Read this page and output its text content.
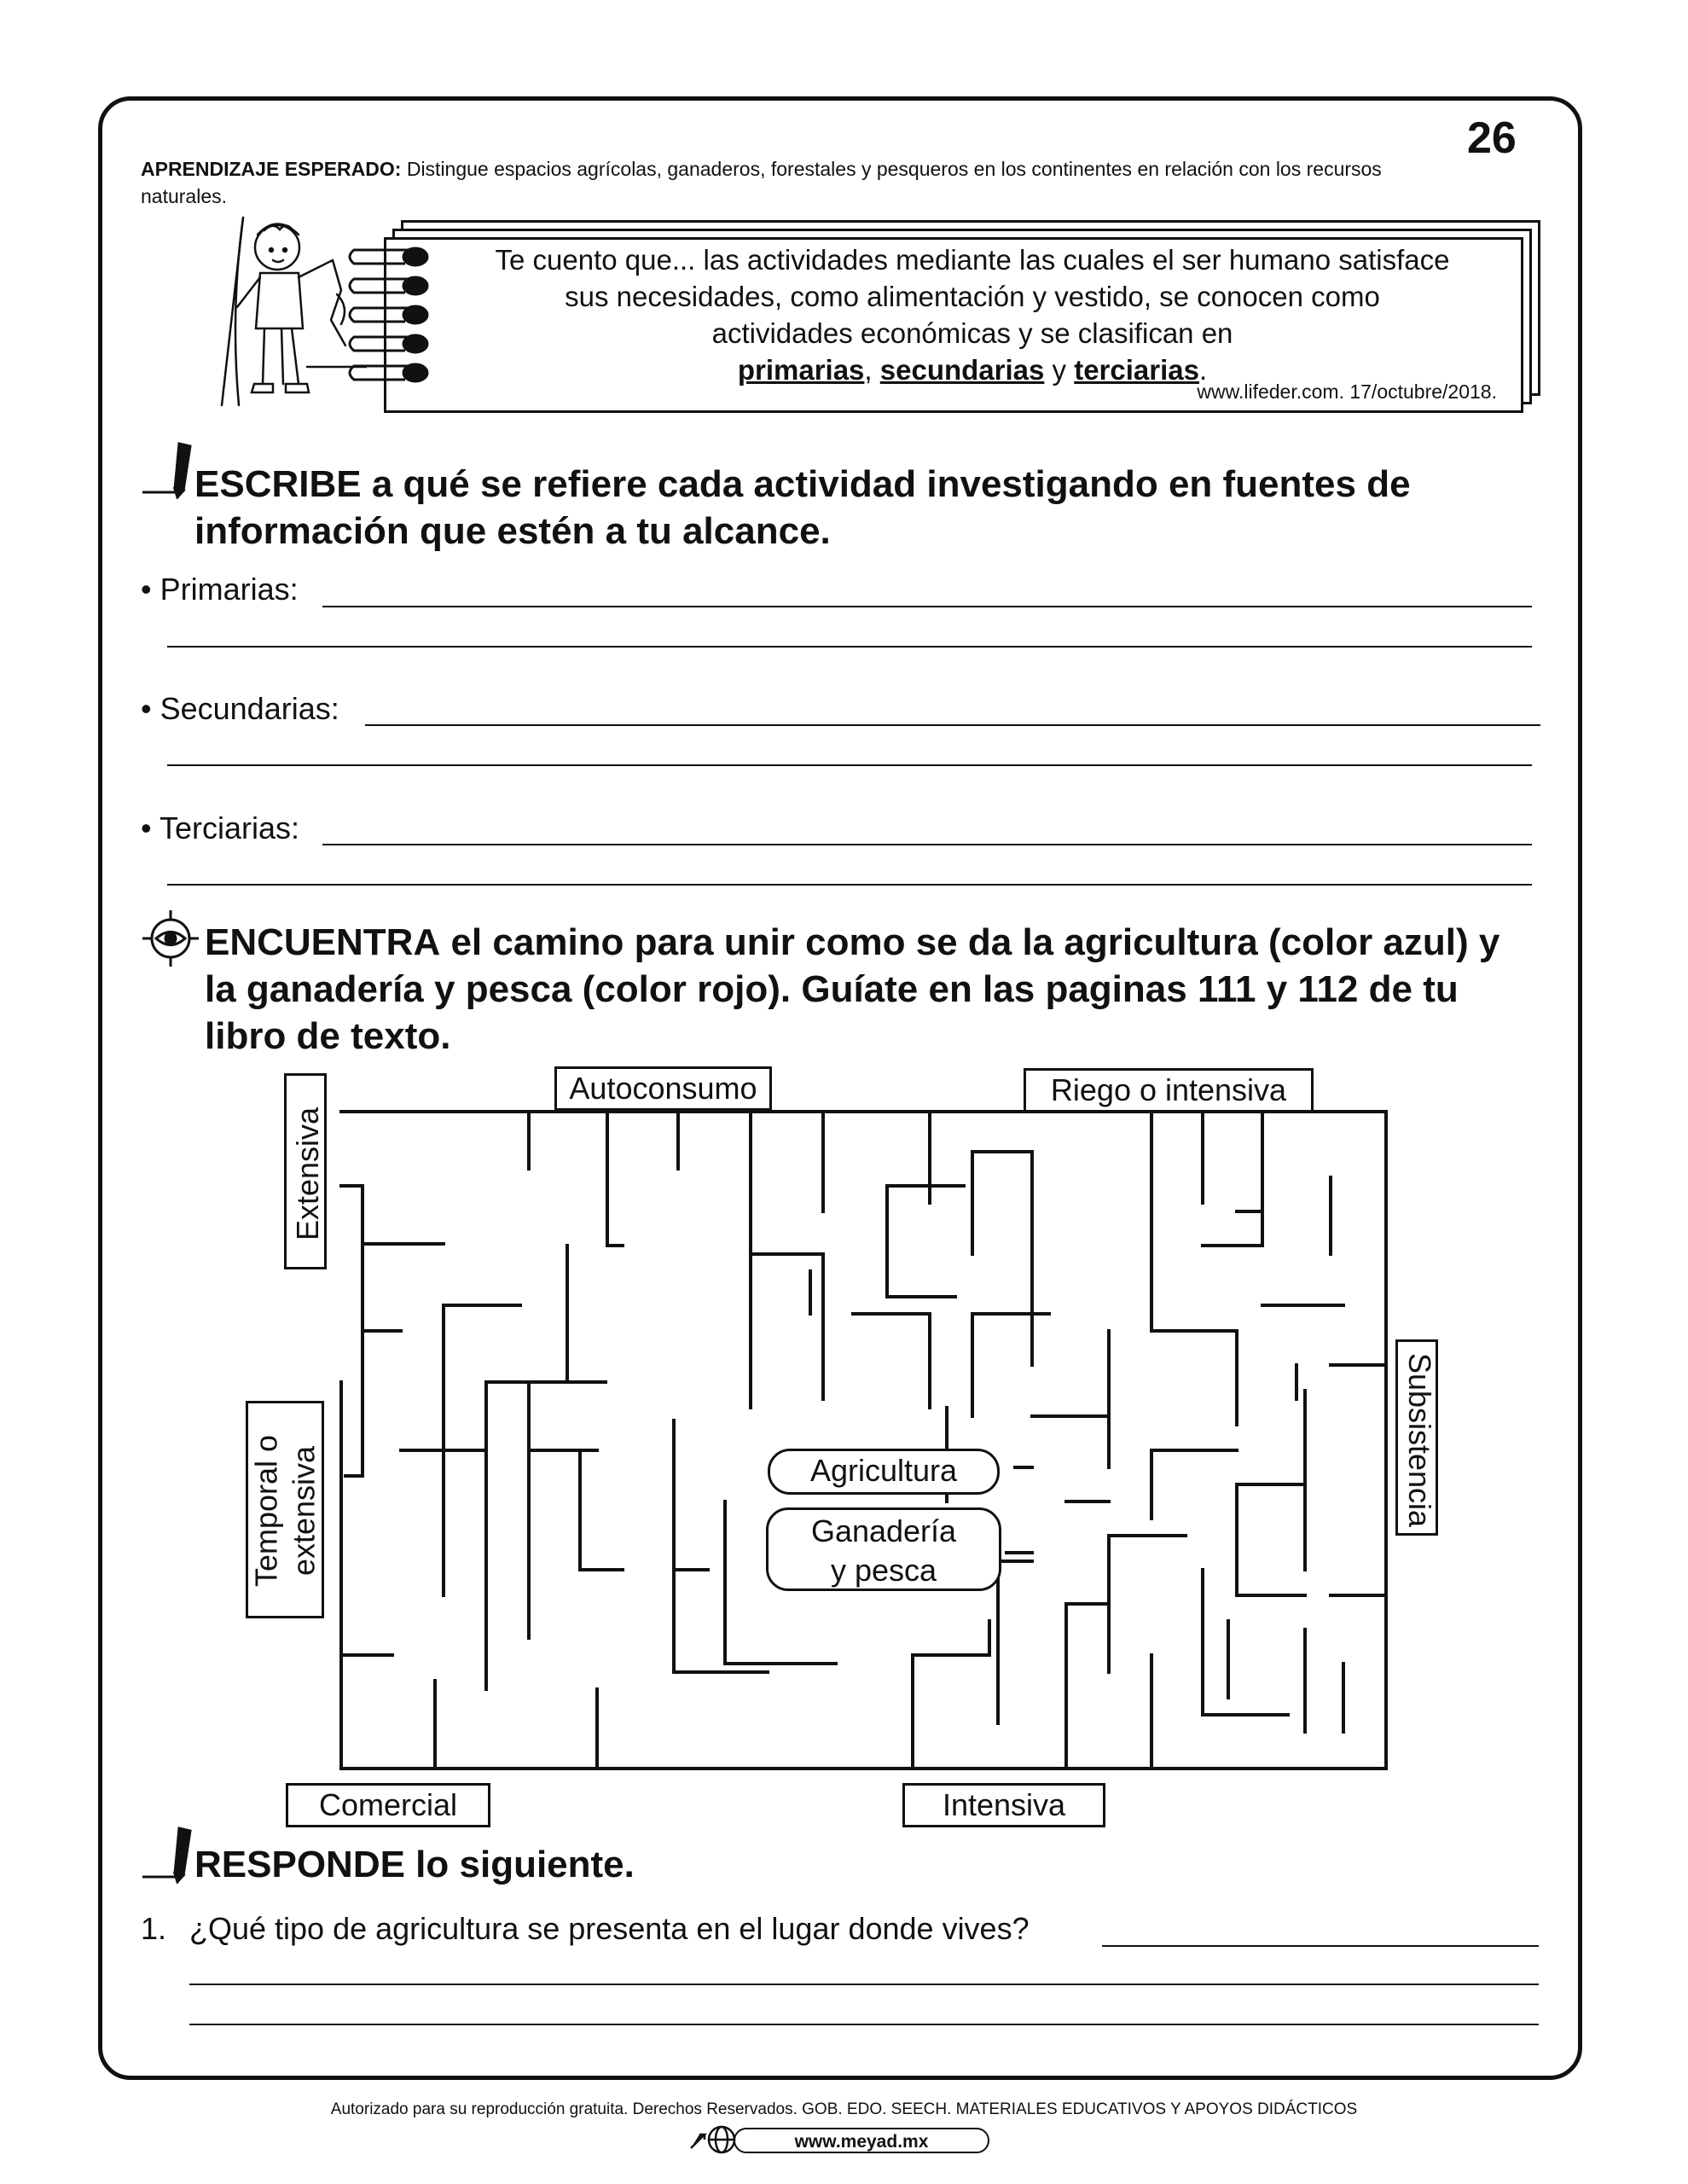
26
APRENDIZAJE ESPERADO: Distingue espacios agrícolas, ganaderos, forestales y pesqueros en los continentes en relación con los recursos naturales.
Te cuento que... las actividades mediante las cuales el ser humano satisface
sus necesidades, como alimentación y vestido, se conocen como
actividades económicas y se clasifican en
primarias, secundarias y terciarias.
www.lifeder.com. 17/octubre/2018.
ESCRIBE a qué se refiere cada actividad investigando en fuentes de
información que estén a tu alcance.
• Primarias:
• Secundarias:
• Terciarias:
ENCUENTRA el camino para unir como se da la agricultura (color azul) y
la ganadería y pesca (color rojo). Guíate en las paginas 111 y 112 de tu
libro de texto.
Autoconsumo	Riego o intensiva
Extensiva
Temporal o
extensiva	Subsistencia
Comercial	Intensiva
Agricultura
Ganadería
y pesca
RESPONDE lo siguiente.
1. ¿Qué tipo de agricultura se presenta en el lugar donde vives?
Autorizado para su reproducción gratuita. Derechos Reservados. GOB. EDO. SEECH. MATERIALES EDUCATIVOS Y APOYOS DIDÁCTICOS
www.meyad.mx
